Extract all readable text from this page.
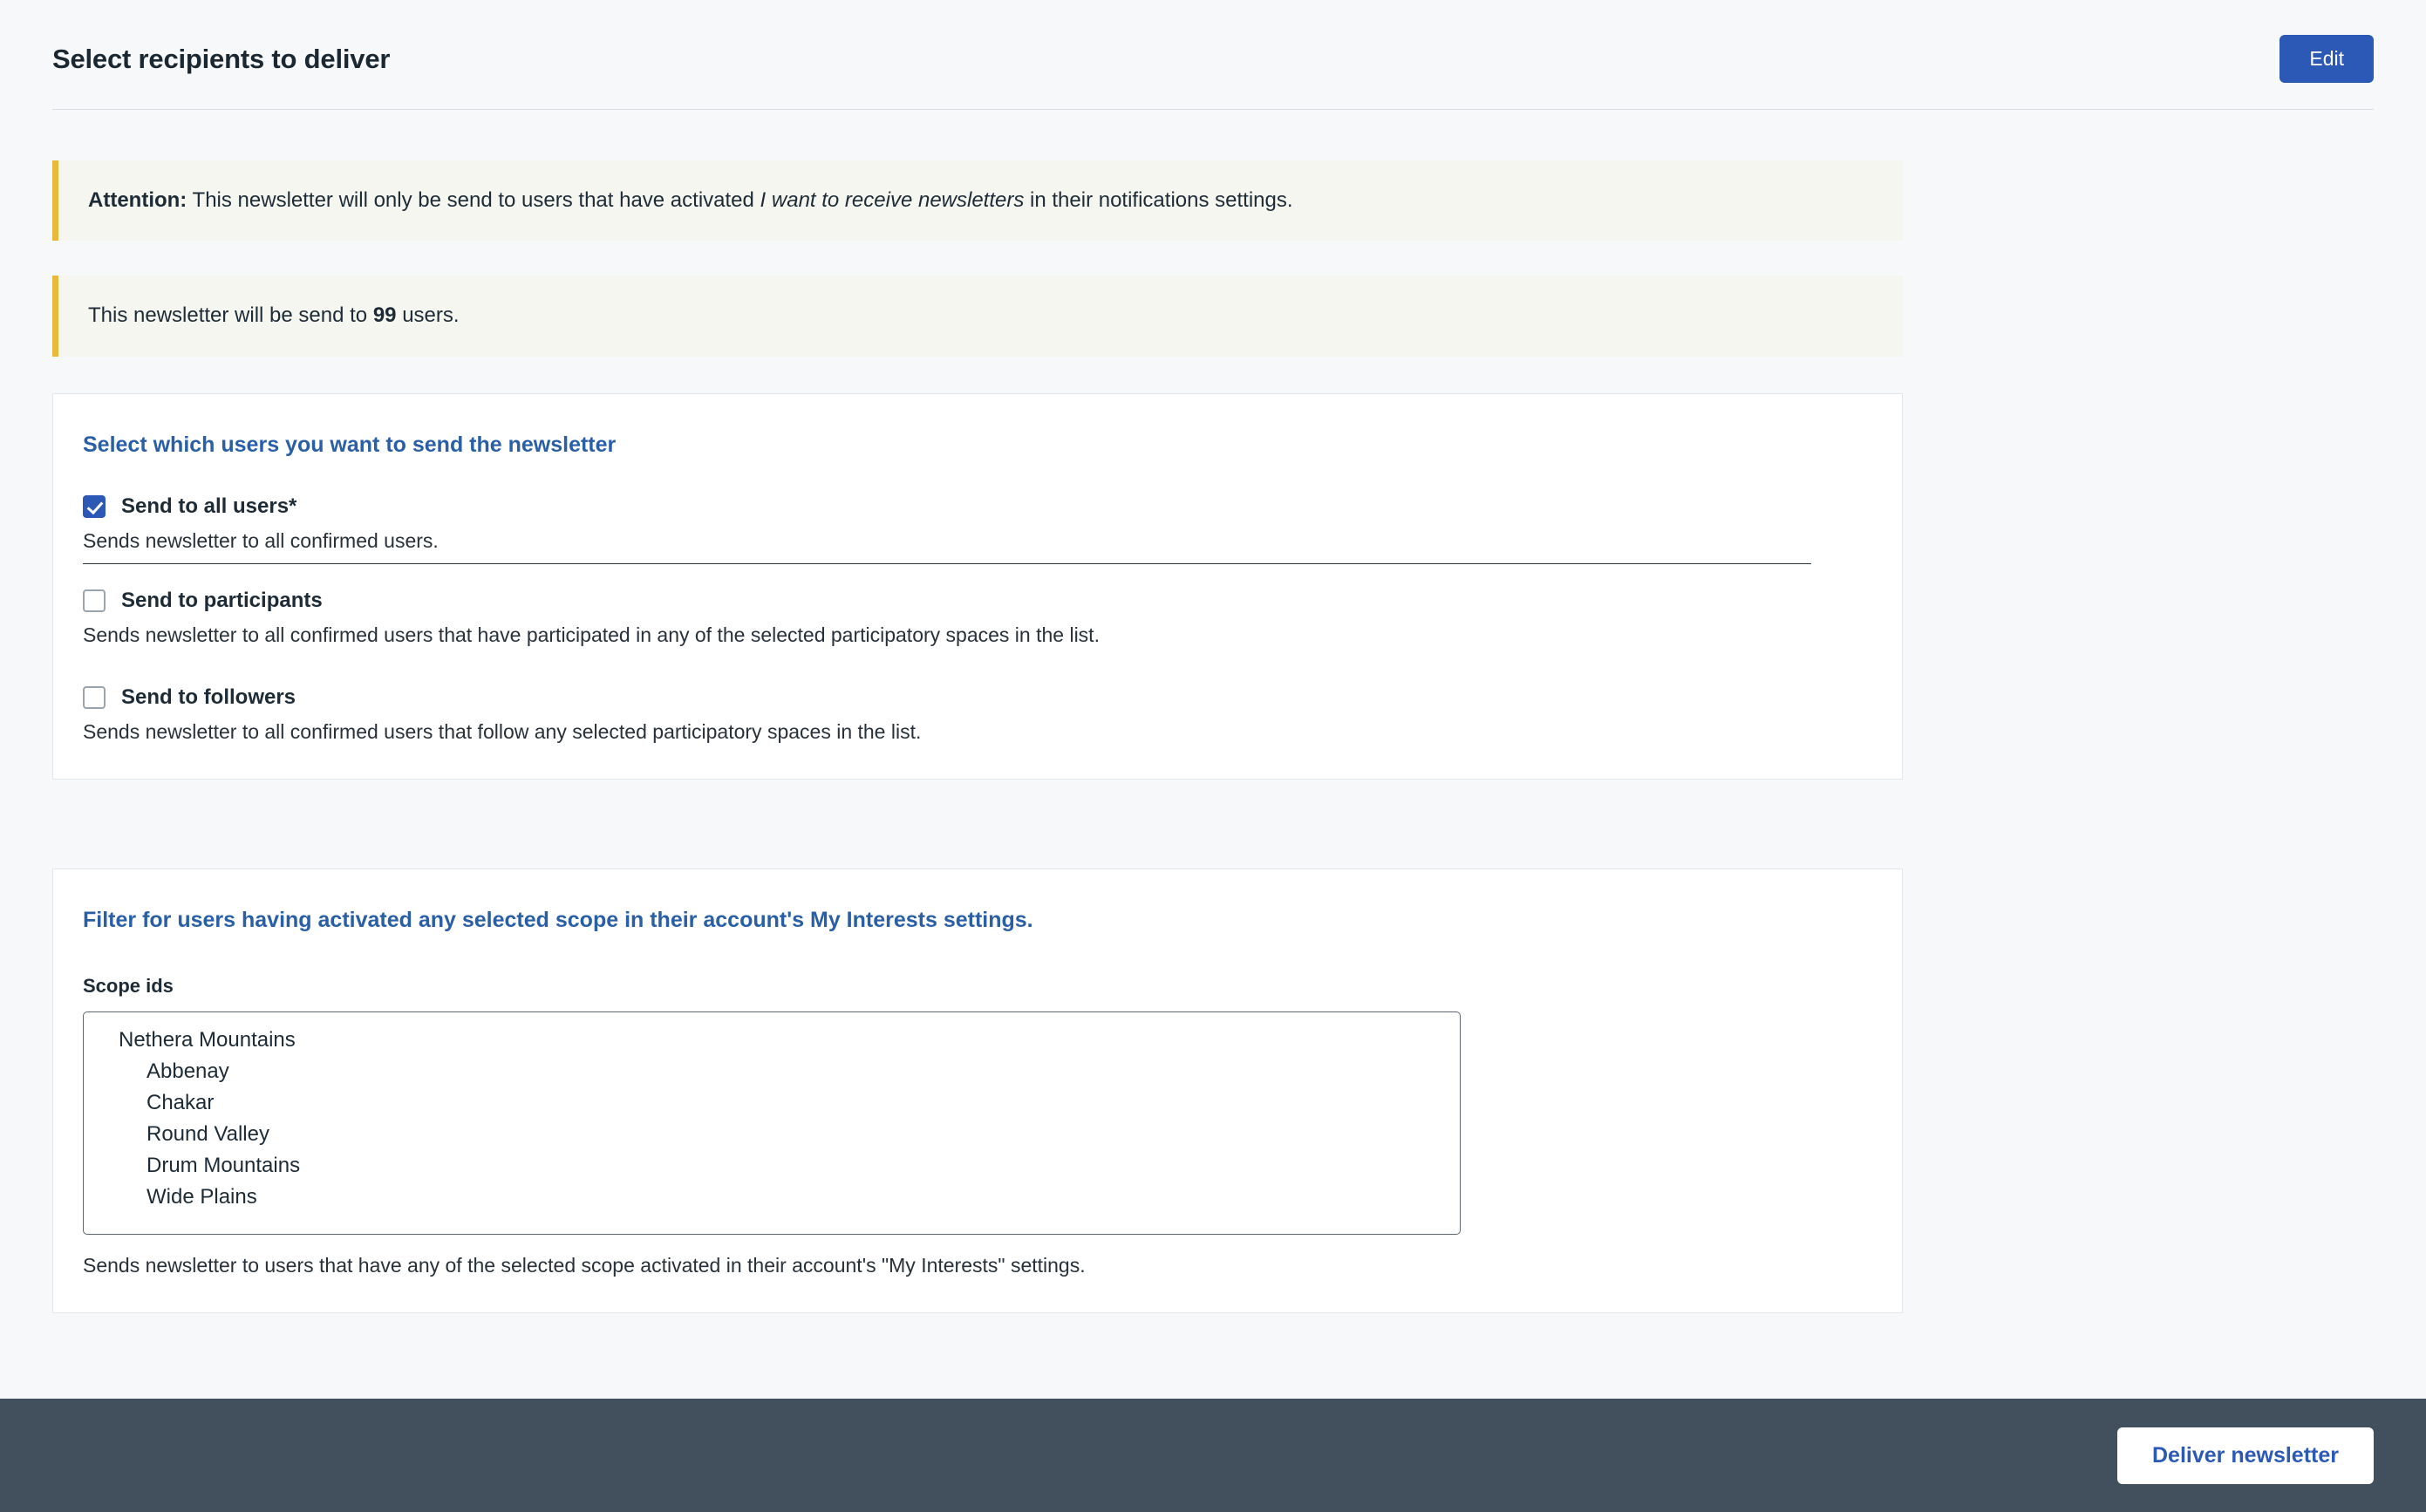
Select recipients to deliver	Edit
Attention: This newsletter will only be send to users that have activated I want to receive newsletters in their notifications settings.
This newsletter will be send to 99 users.
Select which users you want to send the newsletter
Send to all users*
Sends newsletter to all confirmed users.
Send to participants
Sends newsletter to all confirmed users that have participated in any of the selected participatory spaces in the list.
Send to followers
Sends newsletter to all confirmed users that follow any selected participatory spaces in the list.
Filter for users having activated any selected scope in their account's My Interests settings.
Scope ids
Nethera Mountains
Abbenay
Chakar
Round Valley
Drum Mountains
Wide Plains
Sends newsletter to users that have any of the selected scope activated in their account's "My Interests" settings.
Deliver newsletter
